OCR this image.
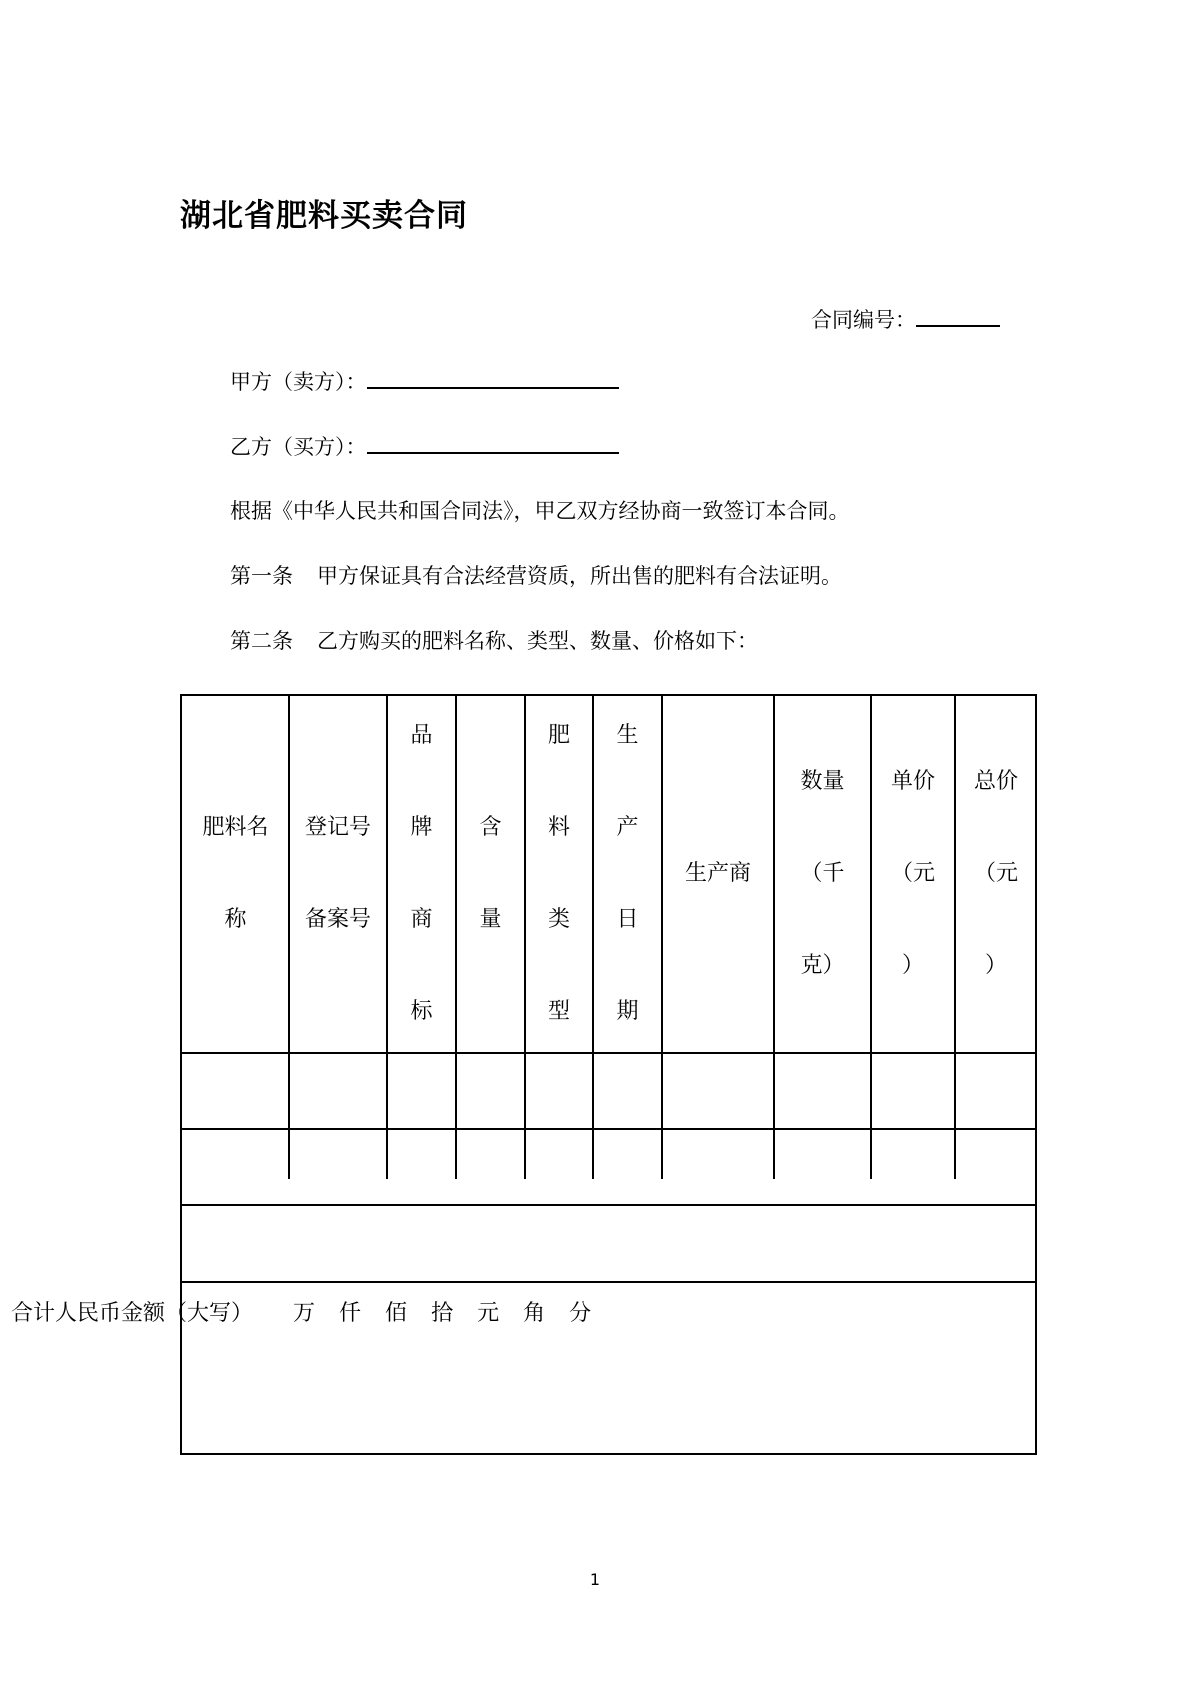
湖北省肥料买卖合同
合同编号：
甲方（卖方）：
乙方（买方）：
根据《中华人民共和国合同法》，甲乙双方经协商一致签订本合同。
第一条 甲方保证具有合法经营资质，所出售的肥料有合法证明。
第二条 乙方购买的肥料名称、类型、数量、价格如下：
肥料名
称
登记号
备案号
品
牌
商
标
含
量
肥
料
类
型
生
产
日
期
生产商
数量
（千
克）
单价
（元
）
总价
（元
）
合计人民币金额（大写） 万 仟 佰 拾 元 角 分
1
